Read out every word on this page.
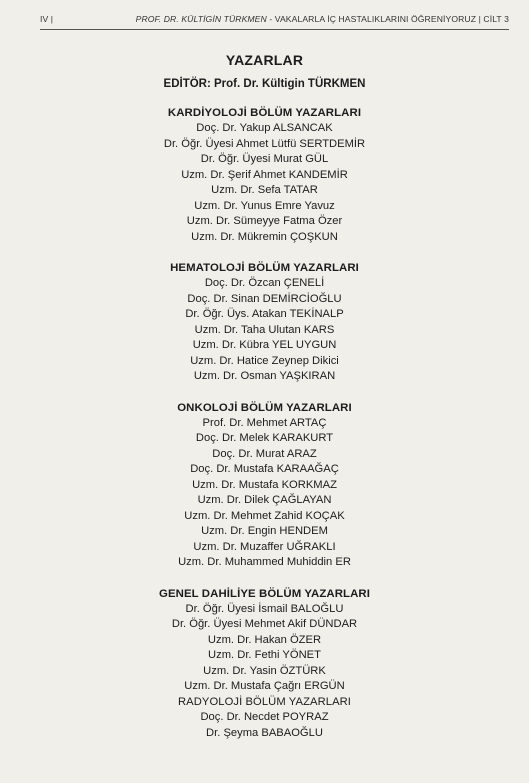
IV |	PROF. DR. KÜLTİGİN TÜRKMEN - VAKALARLA İÇ HASTALIKLARINI ÖĞRENİYORUZ | CİLT 3
YAZARLAR
EDİTÖR: Prof. Dr. Kültigin TÜRKMEN
KARDİYOLOJİ BÖLÜM YAZARLARI
Doç. Dr. Yakup ALSANCAK
Dr. Öğr. Üyesi Ahmet Lütfü SERTDEMİR
Dr. Öğr. Üyesi Murat GÜL
Uzm. Dr. Şerif Ahmet KANDEMİR
Uzm. Dr. Sefa TATAR
Uzm. Dr. Yunus Emre Yavuz
Uzm. Dr. Sümeyye Fatma Özer
Uzm. Dr. Mükremin ÇOŞKUN
HEMATOLOJİ BÖLÜM YAZARLARI
Doç. Dr. Özcan ÇENELİ
Doç. Dr. Sinan DEMİRCİOĞLU
Dr. Öğr. Üys. Atakan TEKİNALP
Uzm. Dr. Taha Ulutan KARS
Uzm. Dr. Kübra YEL UYGUN
Uzm. Dr. Hatice Zeynep Dikici
Uzm. Dr. Osman YAŞKIRAN
ONKOLOJİ BÖLÜM YAZARLARI
Prof. Dr. Mehmet ARTAÇ
Doç. Dr. Melek KARAKURT
Doç. Dr. Murat ARAZ
Doç. Dr. Mustafa KARAAĞAÇ
Uzm. Dr. Mustafa KORKMAZ
Uzm. Dr. Dilek ÇAĞLAYAN
Uzm. Dr. Mehmet Zahid KOÇAK
Uzm. Dr. Engin HENDEM
Uzm. Dr. Muzaffer UĞRAKLI
Uzm. Dr. Muhammed Muhiddin ER
GENEL DAHİLİYE BÖLÜM YAZARLARI
Dr. Öğr. Üyesi İsmail BALOĞLU
Dr. Öğr. Üyesi Mehmet Akif DÜNDAR
Uzm. Dr. Hakan ÖZER
Uzm. Dr. Fethi YÖNET
Uzm. Dr. Yasin ÖZTÜRK
Uzm. Dr. Mustafa Çağrı ERGÜN
RADYOLOJİ BÖLÜM YAZARLARI
Doç. Dr. Necdet POYRAZ
Dr. Şeyma BABAOĞLU
